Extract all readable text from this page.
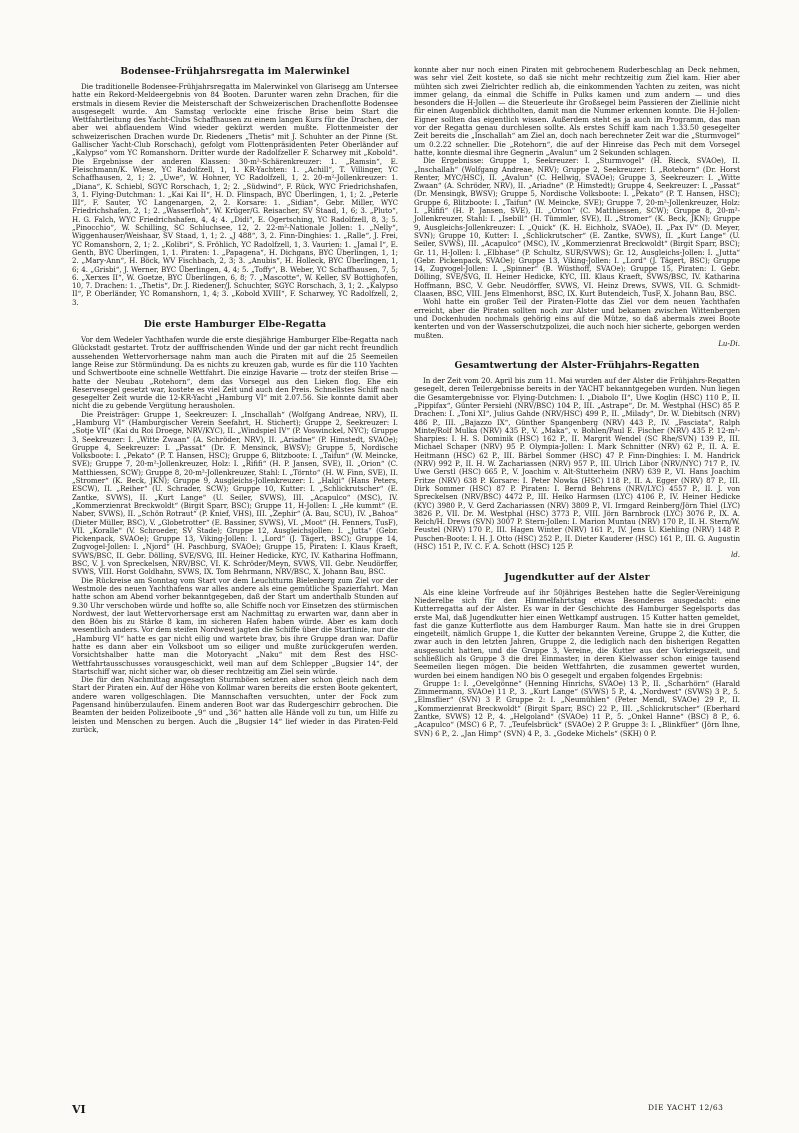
Bodensee-Frühjahrsregatta im Malerwinkel

Die traditionelle Bodensee-Frühjahrsregatta im Malerwinkel von Glarisegg am Untersee hatte ein Rekord-Meldeergebnis von 84 Booten. Darunter waren zehn Drachen, für die erstmals in diesem Revier die Meisterschaft der Schweizerischen Drachenflotte Bodensee ausgesegelt wurde. Am Samstag verlockte eine frische Brise beim Start die Wettfahrtleitung des Yacht-Clubs Schaffhausen zu einem langen Kurs für die Drachen, der aber wei abflauendem Wind wieder gekürzt werden mußte. Flottenmeister der schweizerischen Drachen wurde Dr. Riedeners „Thetis“ mit J. Schuhter an der Pinne (St. Gallischer Yacht-Club Rorschach), gefolgt vom Flottenpräsidenten Peter Oberländer auf „Kalypso“ vom YC Romanshorn. Dritter wurde der Radolfzeller F. Scharwey mit „Kobold“. Die Ergebnisse der anderen Klassen: 30-m²-Schärenkreuzer: 1. „Ramsin“, E. Fleischmann/K. Wiese, YC Radolfzell, 1, 1. KR-Yachten: 1. „Achill“, T. Villinger, YC Schaffhausen, 2, 1; 2. „Uwe“, W. Hohner, YC Radolfzell, 1, 2. 20-m²-Jollenkreuzer: 1. „Diana“, K. Schiebl, SGYC Rorschach, 1, 2; 2. „Südwind“, F. Rück, WYC Friedrichshafen, 3, 1. Flying-Dutchman: 1. „Kai Kai II“, H. D. Flinspach, BYC Überlingen, 1, 1; 2. „Peterle III“, F. Sauter, YC Langenargen, 2, 2. Korsare: 1. „Sidian“, Gebr. Miller, WYC Friedrichshafen, 2, 1; 2. „Wasserfloh“, W. Krüger/G. Reisacher, SV Staad, 1, 6; 3. „Pluto“, H. G. Falch, WYC Friedrichshafen, 4, 4; 4. „Didi“, E. Ogertsching, YC Radolfzell, 8, 3; 5. „Pinocchio“, W. Schilling, SC Schluchsee, 12, 2. 22-m²-Nationale Jollen: 1. „Nelly“, Wiggenhauser/Weishaar, SV Staad, 1, 1; 2. „J 488“, 3, 2. Finn-Dinghies: 1. „Ralle“, J. Frei, YC Romanshorn, 2, 1; 2. „Kolibri“, S. Fröhlich, YC Radolfzell, 1, 3. Vaurien: 1. „Jamal I“, E. Genth, BYC Überlingen, 1, 1. Piraten: 1. „Papagena“, H. Dichgans, BYC Überlingen, 1, 1; 2. „Mary-Ann“, H. Böck, WV Fischbach, 2, 3; 3. „Anubis“, H. Holleck, BYC Überlingen, 1, 6; 4. „Grisbi“, J. Werner, BYC Überlingen, 4, 4; 5. „Toffy“, B. Weber, YC Schaffhausen, 7, 5; 6. „Xerxes II“, W. Goetze, BYC Überlingen, 6, 8; 7. „Mascotte“, W. Keller, SV Bottighofen, 10, 7. Drachen: 1. „Thetis“, Dr. J. Riedener/J. Schuchter, SGYC Rorschach, 3, 1; 2. „Kalypso II“, P. Oberländer, YC Romanshorn, 1, 4; 3. „Kobold XVIII“, F. Scharwey, YC Radolfzell, 2, 3.

Die erste Hamburger Elbe-Regatta

Vor dem Wedeler Yachthafen wurde die erste diesjährige Hamburger Elbe-Regatta nach Glückstadt gestartet. Trotz der aufffrischenden Winde und der gar nicht recht freundlich aussehenden Wettervorhersage nahm man auch die Piraten mit auf die 25 Seemeilen lange Reise zur Störmündung. Da es nichts zu kreuzen gab, wurde es für die 110 Yachten und Schwertboote eine schnelle Wettfahrt. Die einzige Havarie — trotz der steifen Brise — hatte der Neubau „Rotehorn“, dem das Vorsegel aus den Lieken flog. Ehe ein Reservesegel gesetzt war, kostete es viel Zeit und auch den Preis. Schnellstes Schiff nach gesegelter Zeit wurde die 12-KR-Yacht „Hamburg VI“ mit 2.07.56. Sie konnte damit aber nicht die zu gebende Vergütung herausholen.

Die Preisträger: Gruppe 1, Seekreuzer: I. „Inschallah“ (Wolfgang Andreae, NRV), II. „Hamburg VI“ (Hamburgischer Verein Seefahrt, H. Stichert); Gruppe 2, Seekreuzer: I. „Sotje VII“ (Kai du Roi Droege, NRV/KYC), II. „Windspiel IV“ (P. Voswinckel, NYC); Gruppe 3, Seekreuzer: I. „Witte Zwaan“ (A. Schröder, NRV), II. „Ariadne“ (P. Himstedt, SVAOe); Gruppe 4, Seekreuzer: I. „Passat“ (Dr. F. Mensinck, BWSV); Gruppe 5, Nordische Volksboote: I. „Pekato“ (P. T. Hansen, HSC); Gruppe 6, Blitzboote: I. „Taifun“ (W. Meincke, SVE); Gruppe 7, 20-m²-Jollenkreuzer, Holz: I. „Rififi“ (H. P. Jansen, SVE), II. „Orion“ (C. Matthiessen, SCW); Gruppe 8, 20-m²-Jollenkreuzer, Stahl: I. „Törnto“ (H. W. Finn, SVE), II. „Stromer“ (K. Beck, JKN); Gruppe 9, Ausgleichs-Jollenkreuzer: I. „Halgi“ (Hans Peters, ESCW), II. „Reiher“ (U. Schrader, SCW); Gruppe 10, Kutter: I. „Schlickrutscher“ (E. Zantke, SVWS), II. „Kurt Lange“ (U. Seiler, SVWS), III. „Acapulco“ (MSC), IV. „Kommerzienrat Breckwoldt“ (Birgit Sparr, BSC); Gruppe 11, H-Jollen: I. „He kummt“ (E. Naber, SVWS), II. „Schön Rotraut“ (P. Knief, VHS), III. „Zephir“ (A. Bau, SCU), IV. „Bahoa“ (Dieter Müller, BSC), V. „Globetrotter“ (E. Bassiner, SVWS), VI. „Moot“ (H. Fenners, TusF), VII. „Koralle“ (V. Schroeder, SV Stade); Gruppe 12, Ausgleichsjollen: I. „Jutta“ (Gebr. Pickenpack, SVAOe); Gruppe 13, Viking-Jollen: I. „Lord“ (J. Tägert, BSC); Gruppe 14, Zugvogel-Jollen: I. „Njord“ (H. Paschburg, SVAOe); Gruppe 15, Piraten: I. Klaus Kraeft, SVWS/BSC, II. Gebr. Dölling, SVE/SVG, III. Heiner Hedicke, KYC, IV. Katharina Hoffmann, BSC, V. J. von Spreckelsen, NRV/BSC, VI. K. Schröder/Meyn, SVWS, VII. Gebr. Neudörffer, SVWS, VIII. Horst Goldhahn, SVWS, IX. Tom Behrmann, NRV/BSC, X. Johann Bau, BSC.

Die Rückreise am Sonntag vom Start vor dem Leuchtturm Bielenberg zum Ziel vor der Westmole des neuen Yachthafens war alles andere als eine gemütliche Spazierfahrt. Man hatte schon am Abend vorher bekanntgegeben, daß der Start um anderthalb Stunden auf 9.30 Uhr verschoben würde und hoffte so, alle Schiffe noch vor Einsetzen des stürmischen Nordwest, der laut Wettervorhersage erst am Nachmittag zu erwarten war, dann aber in den Böen bis zu Stärke 8 kam, im sicheren Hafen haben würde. Aber es kam doch wesentlich anders. Vor dem steifen Nordwest jagten die Schiffe über die Startlinie, nur die „Hamburg VI“ hatte es gar nicht eilig und wartete brav, bis ihre Gruppe dran war. Dafür hatte es dann aber ein Volksboot um so eiliger und mußte zurückgerufen werden. Vorsichtshalber hatte man die Motoryacht „Naku“ mit dem Rest des HSC-Wettfahrtausschusses vorausgeschickt, weil man auf dem Schlepper „Bugsier 14“, der Startschiff war, nicht sicher war, ob dieser rechtzeitig am Ziel sein würde.

Die für den Nachmittag angesagten Sturmböen setzten aber schon gleich nach dem Start der Piraten ein. Auf der Höhe von Kollmar waren bereits die ersten Boote gekentert, andere waren vollgeschlagen. Die Mannschaften versuchten, unter der Fock zum Pagensand hinüberzulaufen. Einem anderen Boot war das Rudergeschirr gebrochen. Die Beamten der beiden Polizeiboote „9“ und „36“ hatten alle Hände voll zu tun, um Hilfe zu leisten und Menschen zu bergen. Auch die „Bugsier 14“ lief wieder in das Piraten-Feld zurück,

konnte aber nur noch einen Piraten mit gebrochenem Ruderbeschlag an Deck nehmen, was sehr viel Zeit kostete, so daß sie nicht mehr rechtzeitig zum Ziel kam. Hier aber mühten sich zwei Zielrichter redlich ab, die einkommenden Yachten zu zeiten, was nicht immer gelang, da einmal die Schiffe in Pulks kamen und zum andern — und dies besonders die H-Jollen — die Steuerleute ihr Großsegel beim Passieren der Ziellinie nicht für einen Augenblick dichtholten, damit man die Nummer erkennen konnte. Die H-Jollen-Eigner sollten das eigentlich wissen. Außerdem steht es ja auch im Programm, das man vor der Regatta genau durchlesen sollte. Als erstes Schiff kam nach 1.33.50 gesegelter Zeit bereits die „Inschallah“ am Ziel an, doch nach berechneter Zeit war die „Sturmvogel“ um 0.2.22 schneller. Die „Rotehorn“, die auf der Hinreise das Pech mit dem Vorsegel hatte, konnte diesmal ihre Gegnerin „Avalun“ um 2 Sekunden schlagen.

Die Ergebnisse: Gruppe 1, Seekreuzer: I. „Sturmvogel“ (H. Rieck, SVAOe), II. „Inschallah“ (Wolfgang Andreae, NRV); Gruppe 2, Seekreuzer: I. „Rotehorn“ (Dr. Horst Renter, MYC/HSC), II. „Avalun“ (C. Hellwig, SVAOe); Gruppe 3, Seekreuzer: I. „Witte Zwaan“ (A. Schröder, NRV), II. „Ariadne“ (P. Himstedt); Gruppe 4, Seekreuzer: I. „Passat“ (Dr. Mensingk, BWSV); Gruppe 5, Nordische Volksboote: I. „Pekato“ (P. T. Hansen, HSC); Gruppe 6, Blitzboote: I. „Taifun“ (W. Meincke, SVE); Gruppe 7, 20-m²-Jollenkreuzer, Holz: I. „Rififi“ (H. P. Jansen, SVE), II. „Orion“ (C. Matthiessen, SCW); Gruppe 8, 20-m²-Jollenkreuzer, Stahl: I. „Isebill“ (H. Tümmler, SVE), II. „Stromer“ (K. Beck, JKN); Gruppe 9, Ausgleichs-Jollenkreuzer: I. „Quick“ (K. H. Eichholz, SVAOe), II. „Pax IV“ (D. Meyer, SVN); Gruppe 10, Kutter: I. „Schlickrutscher“ (E. Zantke, SVWS), II. „Kurt Lange“ (U. Seiler, SVWS), III. „Acapulco“ (MSC), IV. „Kommerzienrat Breckwoldt“ (Birgit Sparr, BSC); Gr. 11, H-Jollen: I. „Elbhase“ (P. Schultz, SUR/SVWS); Gr. 12, Ausgleichs-Jollen: I. „Jutta“ (Gebr. Pickenpack, SVAOe); Gruppe 13, Viking-Jollen: I. „Lord“ (J. Tägert, BSC); Gruppe 14, Zugvogel-Jollen: I. „Spinner“ (B. Wüsthoff, SVAOe); Gruppe 15, Piraten: I. Gebr. Dölling, SVE/SVG, II. Heiner Hedicke, KYC, III. Klaus Kraeft, SVWS/BSC, IV. Katharina Hoffmann, BSC, V. Gebr. Neudörffer, SVWS, VI. Heinz Drews, SVWS, VII. G. Schmidt-Claasen, BSC, VIII. Jens Elmenhorst, BSC, IX. Kurt Butendeich, TusF, X. Johann Bau, BSC.

Wohl hatte ein großer Teil der Piraten-Flotte das Ziel vor dem neuen Yachthafen erreicht, aber die Piraten sollten noch zur Alster und bekamen zwischen Wittenbergen und Dockenhuden nochmals gehörig eins auf die Mütze, so daß abermals zwei Boote kenterten und von der Wasserschutzpolizei, die auch noch hier sicherte, geborgen werden mußten.

Lu-Di.

Gesamtwertung der Alster-Frühjahrs-Regatten

In der Zeit vom 20. April bis zum 11. Mai wurden auf der Alster die Frühjahrs-Regatten gesegelt, deren Teilergebnisse bereits in der YACHT bekanntgegeben wurden. Nun liegen die Gesamtergebnisse vor. Flying-Dutchmen: I. „Diabolo II“, Uwe Koglin (HSC) 110 P., II. „Pippifax“, Günter Persiehl (NRV/BSC) 104 P., III. „Astrape“, Dr. M. Westphal (HSC) 85 P. Drachen: I. „Toni XI“, Julius Gahde (NRV/HSC) 499 P., II. „Milady“, Dr. W. Diebitsch (NRV) 486 P., III. „Bajazzo IX“, Günther Spangenberg (NRV) 443 P., IV. „Fasciata“, Ralph Minte/Rolf Mulka (NRV) 435 P., V. „Maka“, v. Bohlen/Paul E. Fischer (NRV) 435 P. 12-m²-Sharpies: I. H. S. Dominik (HSC) 162 P., II. Margrit Wendel (SC Rhe/SVN) 139 P., III. Michael Schaper (NRV) 95 P. Olympia-Jollen: I. Mark Schnitter (NRV) 62 P., II. A. E. Heitmann (HSC) 62 P., III. Bärbel Sommer (HSC) 47 P. Finn-Dinghies: I. M. Handrick (NRV) 992 P., II. H. W. Zachariassen (NRV) 957 P., III. Ulrich Libor (NRV/NYC) 717 P., IV. Uwe Gerstl (HSC) 665 P., V. Joachim v. Alt-Stutterheim (NRV) 639 P., VI. Hans Joachim Fritze (NRV) 638 P. Korsare: I. Peter Nowka (HSC) 118 P., II. A. Egger (NRV) 87 P., III. Dirk Sommer (HSC) 87 P. Piraten: I. Bernd Behrens (NRV/LYC) 4557 P., II. J. von Spreckelsen (NRV/BSC) 4472 P., III. Heiko Harmsen (LYC) 4106 P., IV. Heiner Hedicke (KYC) 3980 P., V. Gerd Zachariassen (NRV) 3809 P., VI. Irmgard Reinberg/Jörn Thiel (LYC) 3826 P., VII. Dr. M. Westphal (HSC) 3773 P., VIII. Jörn Barnbrock (LYC) 3076 P., IX. A. Reich/H. Drews (SVN) 3007 P. Stern-Jollen: I. Marion Muntau (NRV) 170 P., II. H. Stern/W. Feustel (NRV) 170 P., III. Hagen Winter (NRV) 161 P., IV. Jens U. Kiehling (NRV) 148 P. Puschen-Boote: I. H. J. Otto (HSC) 252 P., II. Dieter Kauderer (HSC) 161 P., III. G. Augustin (HSC) 151 P., IV. C. F. A. Schott (HSC) 125 P.

ld.

Jugendkutter auf der Alster

Als eine kleine Vorfreude auf ihr 50jähriges Bestehen hatte die Segler-Vereinigung Niederelbe sich für den Himmelfahrtstag etwas Besonderes ausgedacht: eine Kutterregatta auf der Alster. Es war in der Geschichte des Hamburger Segelsports das erste Mal, daß Jugendkutter hier einen Wettkampf austrugen. 15 Kutter hatten gemeldet, fast die ganze Kutterflotte aus dem Hamburger Raum. Man hatte sie in drei Gruppen eingeteilt, nämlich Gruppe 1, die Kutter der bekannten Vereine, Gruppe 2, die Kutter, die zwar auch in den letzten Jahren, Gruppe 2, die lediglich nach den bisherigen Regatten ausgesucht hatten, und die Gruppe 3, Vereine, die Kutter aus der Vorkriegszeit, und schließlich als Gruppe 3 die drei Einmaster, in deren Kielwasser schon einige tausend Seemeilen liegen mögen. Die beiden Wettfahrten, die zusammen gewertet wurden, wurden bei einem handigen NO bis O gesegelt und ergaben folgendes Ergebnis:

Gruppe 1: I. „Oevelgönne“ (Henning Hinrichs, SVAOe) 13 P., II. „Scharhörn“ (Harald Zimmermann, SVAOe) 11 P., 3. „Kurt Lange“ (SVWS) 5 P., 4. „Nordwest“ (SVWS) 3 P., 5. „Elmsflier“ (SVN) 3 P. Gruppe 2: I. „Neumühlen“ (Peter Mendl, SVAOe) 29 P., II. „Kommerzienrat Breckwoldt“ (Birgit Sparr, BSC) 22 P., III. „Schlickrutscher“ (Eberhard Zantke, SVWS) 12 P., 4. „Helgoland“ (SVAOe) 11 P., 5. „Onkel Hanne“ (BSC) 8 P., 6. „Acapulco“ (MSC) 6 P., 7. „Teufelsbrück“ (SVAOe) 2 P. Gruppe 3: I. „Blinkfüer“ (Jörn Ihne, SVN) 6 P., 2. „Jan Himp“ (SVN) 4 P., 3. „Godeke Michels“ (SKH) 0 P.

VI	DIE YACHT 12/63
